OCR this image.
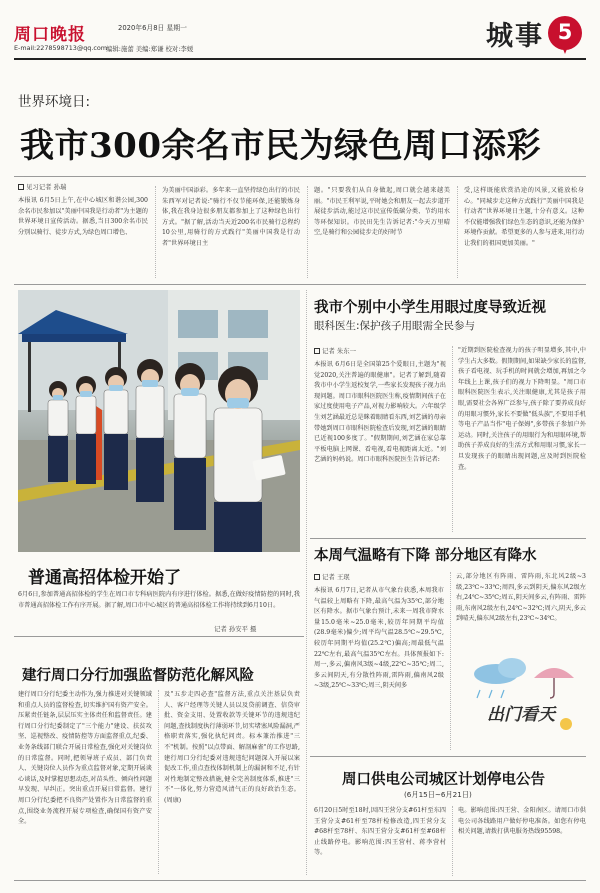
周口晚报	2020年6月8日 星期一
E-mail:2278598713@qq.com
编辑:施蕾 美编:郑谦 校对:李媛	城事 5
世界环境日:
我市300余名市民为绿色周口添彩
见习记者 孙瑞
本报讯 6月5日上午,在中心城区和谐公园,300余名市民参加以"美丽中国我是行动者"为主题的世界环境日宣传活动。据悉,当日300余名市民分别以骑行、徒步方式,为绿色周口增色、
为美丽中国添彩。多年来一直坚持绿色出行的市民朱西军对记者说:"骑行不仅节能环保,还能锻炼身体,我在我身边很多朋友都参加上了这种绿色出行方式。"据了解,活动当天近200名市民骑行总程约10公里,用骑行的方式践行"美丽中国我是行动者"世界环境日主
题。"只要我们从自身做起,周口就会越来越美丽。"市民王利军说,平时她会和朋友一起去步道开展徒步活动,能过这市民宣传低碳分类、节约用水等环保知识。市民田先生告诉记者:"今天万里晴空,是骑行和公园徒步走的好时节
受,这样既能欣赏沿途的风景,又能放松身心。"同城步走这种方式践行"美丽中国我是行动者"世界环境日主题,十分有意义。这种不仅能增强我们绿色生态的意识,还能为保护环境作贡献。希望更多的人参与进来,用行动让我们的祖国更加美丽。"
普通高招体检开始了
6月6日,参加普通高招体检的学生在周口市专科病医院内有序进行体检。据悉,在做好疫情防控的同时,我市普通高招体检工作有序开展。据了解,周口市中心城区的普通高招体检工作将持续到6月10日。
记者 孙安平 摄
我市个别中小学生用眼过度导致近视
眼科医生:保护孩子用眼需全民参与
记者 朱东一
本报讯 6月6日是全国第25个爱眼日,主题为"视觉2020,关注普遍的眼健康"。记者了解到,随着我市中小学生返校复学,一些家长发现孩子视力出现问题。周口市眼科医院医生称,疫情期间孩子在家过度使用电子产品,对视力影响较大。六年级学生刘艺涵最近总是眯着眼睛看东西,刘艺涵的母亲带她到周口市眼科医院检查后发现,刘艺涵的眼睛已近视100多度了。"假期期间,刘艺涵在家总靠平板电脑上网课、看电视,看电视距离太近。"刘艺涵的妈妈说。周口市眼科医院医生告诉记者:
"近期到医院检查视力的孩子明显增多,其中,中学生占大多数。假期期间,如果缺少家长的监督,孩子看电视、玩手机的时间就会增加,再加之今年线上上课,孩子们的视力下降明显。"周口市眼科医院医生表示,关注眼健康,尤其是孩子用眼,需要社会各界广泛参与,孩子除了要养成良好的用眼习惯外,家长不要做"低头族",不要用手机等电子产品当作"电子保姆",多带孩子参加户外运动。同时,关注孩子的用眼行为和用眼环境,帮助孩子养成良好的生活方式和用眼习惯,家长一旦发现孩子的眼睛出现问题,应及时到医院检查。
本周气温略有下降 部分地区有降水
记者 王珉
本报讯 6月7日,记者从市气象台获悉,本周我市气温较上周略有下降,最高气温为35℃,部分地区有降水。据市气象台预计,未来一周我市降水量15.0毫米~25.0毫米,较历年同期平均值(28.9毫米)偏少;周平均气温28.5℃~29.5℃,较历年同期平均值(25.2℃)偏高;周最低气温22℃左右,最高气温35℃左右。具体预报如下:周一,多云,偏南风3级~4级,22℃~35℃;周二,多云间阴天,有分散性阵雨,雷阵雨,偏南风2级~3级,25℃~33℃;周三,阴天间多
云,部分地区有阵雨、雷阵雨,东北风2级~3级,23℃~33℃;周四,多云到阴天,偏东风2级左右,24℃~35℃;周五,阴天间多云,有阵雨、雷阵雨,东南风2级左右,24℃~32℃;周六,阴天,多云到晴天,偏东风2级左右,23℃~34℃。
出门看天
建行周口分行加强监督防范化解风险
建行周口分行纪委主动作为,强力推进对关键领域和重点人员的监督检查,切实维护国有资产安全。压紧责任链条,层层压实主体责任和监督责任。建行周口分行纪委制定了"三个能力"建设、扶贫攻坚、巡视整改、疫情防控等方面监督重点,纪委、业务条线部门联合开展日常检查,强化对关键岗位的日常监督。同时,把领导班子成员、部门负责人、关键岗位人员作为重点监督对象,定期开展谈心谈话,及时掌握思想动态,对苗头性、倾向性问题早发现、早纠正。突出重点开展日常监督。建行周口分行纪委把不良资产处置作为日常监督的重点,围绕业务流程开展专项检查,确保国有资产安全。
及"五步走四必查"监督方法,重点关注基层负责人、客户经理等关键人员以及贷前调查、信贷审批、资金支用、处置收款等关键环节的违规违纪问题,查找制度执行薄弱环节,切实堵塞风险漏洞,严格职责落实,强化执纪问责。标本兼治推进"三不"机制。按照"以点带面、解剖麻雀"的工作思路,建行周口分行纪委对违规违纪问题深入开展以案促改工作,重点查找体制机制上的漏洞和不足,有针对性地制定整改措施,健全完善制度体系,推进"三不"一体化,努力营造风清气正的良好政治生态。(周康)
周口供电公司城区计划停电公告
(6月15日~6月21日)
6月20日5时至18时,因四王营分支#61杆至东四王营分支#61杆至78杆检修改造,四王营分支#68杆至78杆、东四王营分支#61杆至#68杆止线路停电。影响范围:四王营村、蒋李营村等。
电。影响范围:四王营、金阳南区。请周口市供电公司各线路用户做好停电准备。如您有停电相关问题,请拨打供电服务热线95598。
